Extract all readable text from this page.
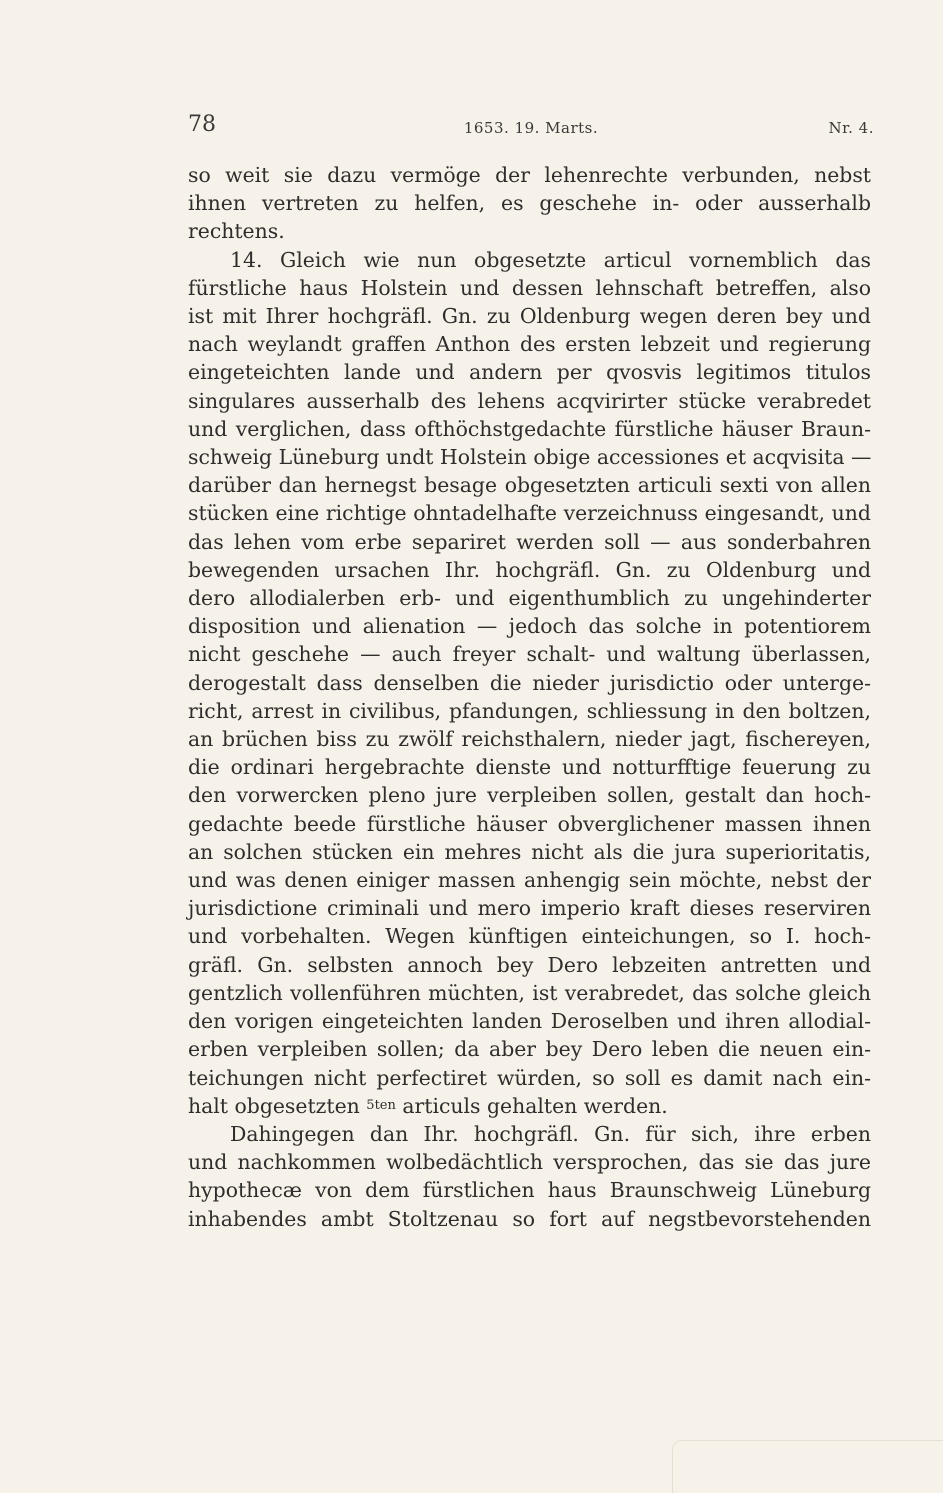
78	1653. 19. Marts.	Nr. 4.
so weit sie dazu vermöge der lehenrechte verbunden, nebst
ihnen vertreten zu helfen, es geschehe in- oder ausserhalb
rechtens.
14. Gleich wie nun obgesetzte articul vornemblich das
fürstliche haus Holstein und dessen lehnschaft betreffen, also
ist mit Ihrer hochgräfl. Gn. zu Oldenburg wegen deren bey und
nach weylandt graffen Anthon des ersten lebzeit und regierung
eingeteichten lande und andern per qvosvis legitimos titulos
singulares ausserhalb des lehens acqvirirter stücke verabredet
und verglichen, dass ofthöchstgedachte fürstliche häuser Braun-
schweig Lüneburg undt Holstein obige accessiones et acqvisita —
darüber dan hernegst besage obgesetzten articuli sexti von allen
stücken eine richtige ohntadelhafte verzeichnuss eingesandt, und
das lehen vom erbe separiret werden soll — aus sonderbahren
bewegenden ursachen Ihr. hochgräfl. Gn. zu Oldenburg und
dero allodialerben erb- und eigenthumblich zu ungehinderter
disposition und alienation — jedoch das solche in potentiorem
nicht geschehe — auch freyer schalt- und waltung überlassen,
derogestalt dass denselben die nieder jurisdictio oder unterge-
richt, arrest in civilibus, pfandungen, schliessung in den boltzen,
an brüchen biss zu zwölf reichsthalern, nieder jagt, fischereyen,
die ordinari hergebrachte dienste und notturfftige feuerung zu
den vorwercken pleno jure verpleiben sollen, gestalt dan hoch-
gedachte beede fürstliche häuser obverglichener massen ihnen
an solchen stücken ein mehres nicht als die jura superioritatis,
und was denen einiger massen anhengig sein möchte, nebst der
jurisdictione criminali und mero imperio kraft dieses reserviren
und vorbehalten. Wegen künftigen einteichungen, so I. hoch-
gräfl. Gn. selbsten annoch bey Dero lebzeiten antretten und
gentzlich vollenführen müchten, ist verabredet, das solche gleich
den vorigen eingeteichten landen Deroselben und ihren allodial-
erben verpleiben sollen; da aber bey Dero leben die neuen ein-
teichungen nicht perfectiret würden, so soll es damit nach ein-
halt obgesetzten $^{5ten}$ articuls gehalten werden.
Dahingegen dan Ihr. hochgräfl. Gn. für sich, ihre erben
und nachkommen wolbedächtlich versprochen, das sie das jure
hypothecæ von dem fürstlichen haus Braunschweig Lüneburg
inhabendes ambt Stoltzenau so fort auf negstbevorstehenden
